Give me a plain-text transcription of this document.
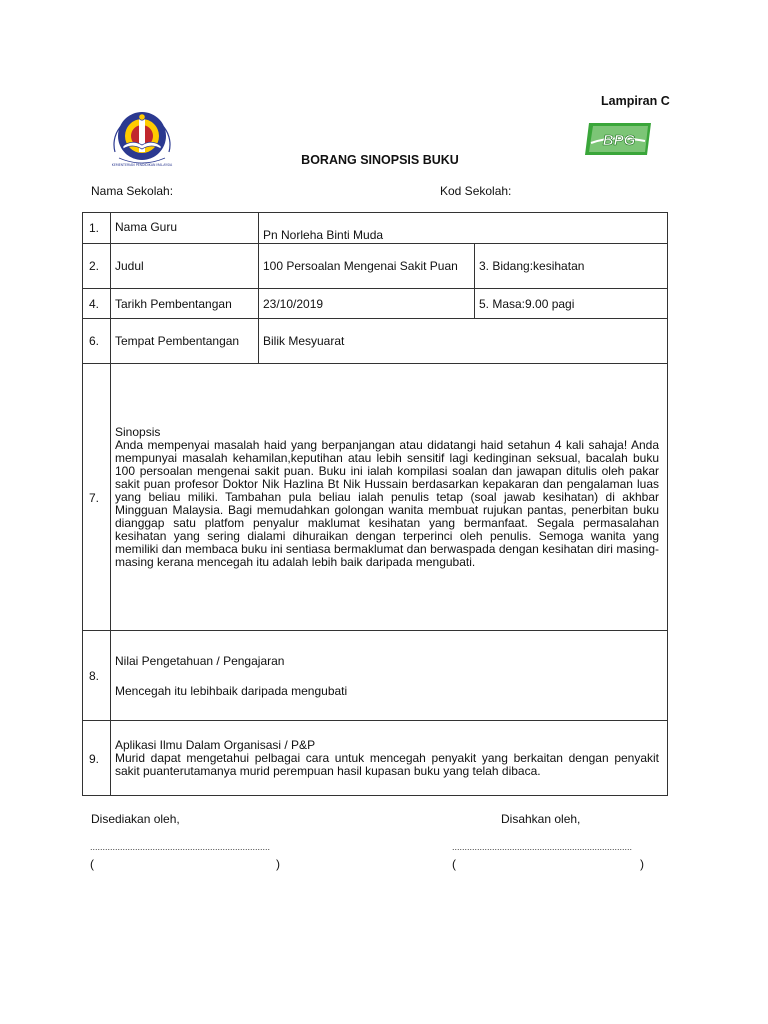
Lampiran C
KEMENTERIAN PENDIDIKAN MALAYSIA
BPG
BORANG SINOPSIS BUKU
Nama Sekolah:	Kod Sekolah:
1.	Nama Guru	Pn Norleha Binti Muda	
2.	Judul	100 Persoalan Mengenai Sakit Puan	3. Bidang:kesihatan
4.	Tarikh Pembentangan	23/10/2019	5. Masa:9.00 pagi
6.	Tempat Pembentangan	Bilik Mesyuarat	
7.	Sinopsis
Anda mempenyai masalah haid yang berpanjangan atau didatangi haid setahun 4 kali sahaja! Anda mempunyai masalah kehamilan,keputihan atau lebih sensitif lagi kedinginan seksual, bacalah buku 100 persoalan mengenai sakit puan. Buku ini ialah kompilasi soalan dan jawapan ditulis oleh pakar sakit puan profesor Doktor Nik Hazlina Bt Nik Hussain berdasarkan kepakaran dan pengalaman luas yang beliau miliki. Tambahan pula beliau ialah penulis tetap (soal jawab kesihatan) di akhbar Mingguan Malaysia. Bagi memudahkan golongan wanita membuat rujukan pantas, penerbitan buku dianggap satu platfom penyalur maklumat kesihatan yang bermanfaat. Segala permasalahan kesihatan yang sering dialami dihuraikan dengan terperinci oleh penulis. Semoga wanita yang memiliki dan membaca buku ini sentiasa bermaklumat dan berwaspada dengan kesihatan diri masing-masing kerana mencegah itu adalah lebih baik daripada mengubati.		

8.	Nilai Pengetahuan / Pengajaran
Mencegah itu lebihbaik daripada mengubati		

9.	Aplikasi Ilmu Dalam Organisasi / P&P
Murid dapat mengetahui pelbagai cara untuk mencegah penyakit yang berkaitan dengan penyakit sakit puanterutamanya murid perempuan hasil kupasan buku yang telah dibaca.		
Disediakan oleh,	Disahkan oleh,
........................................................................	........................................................................
(	)	(	)
